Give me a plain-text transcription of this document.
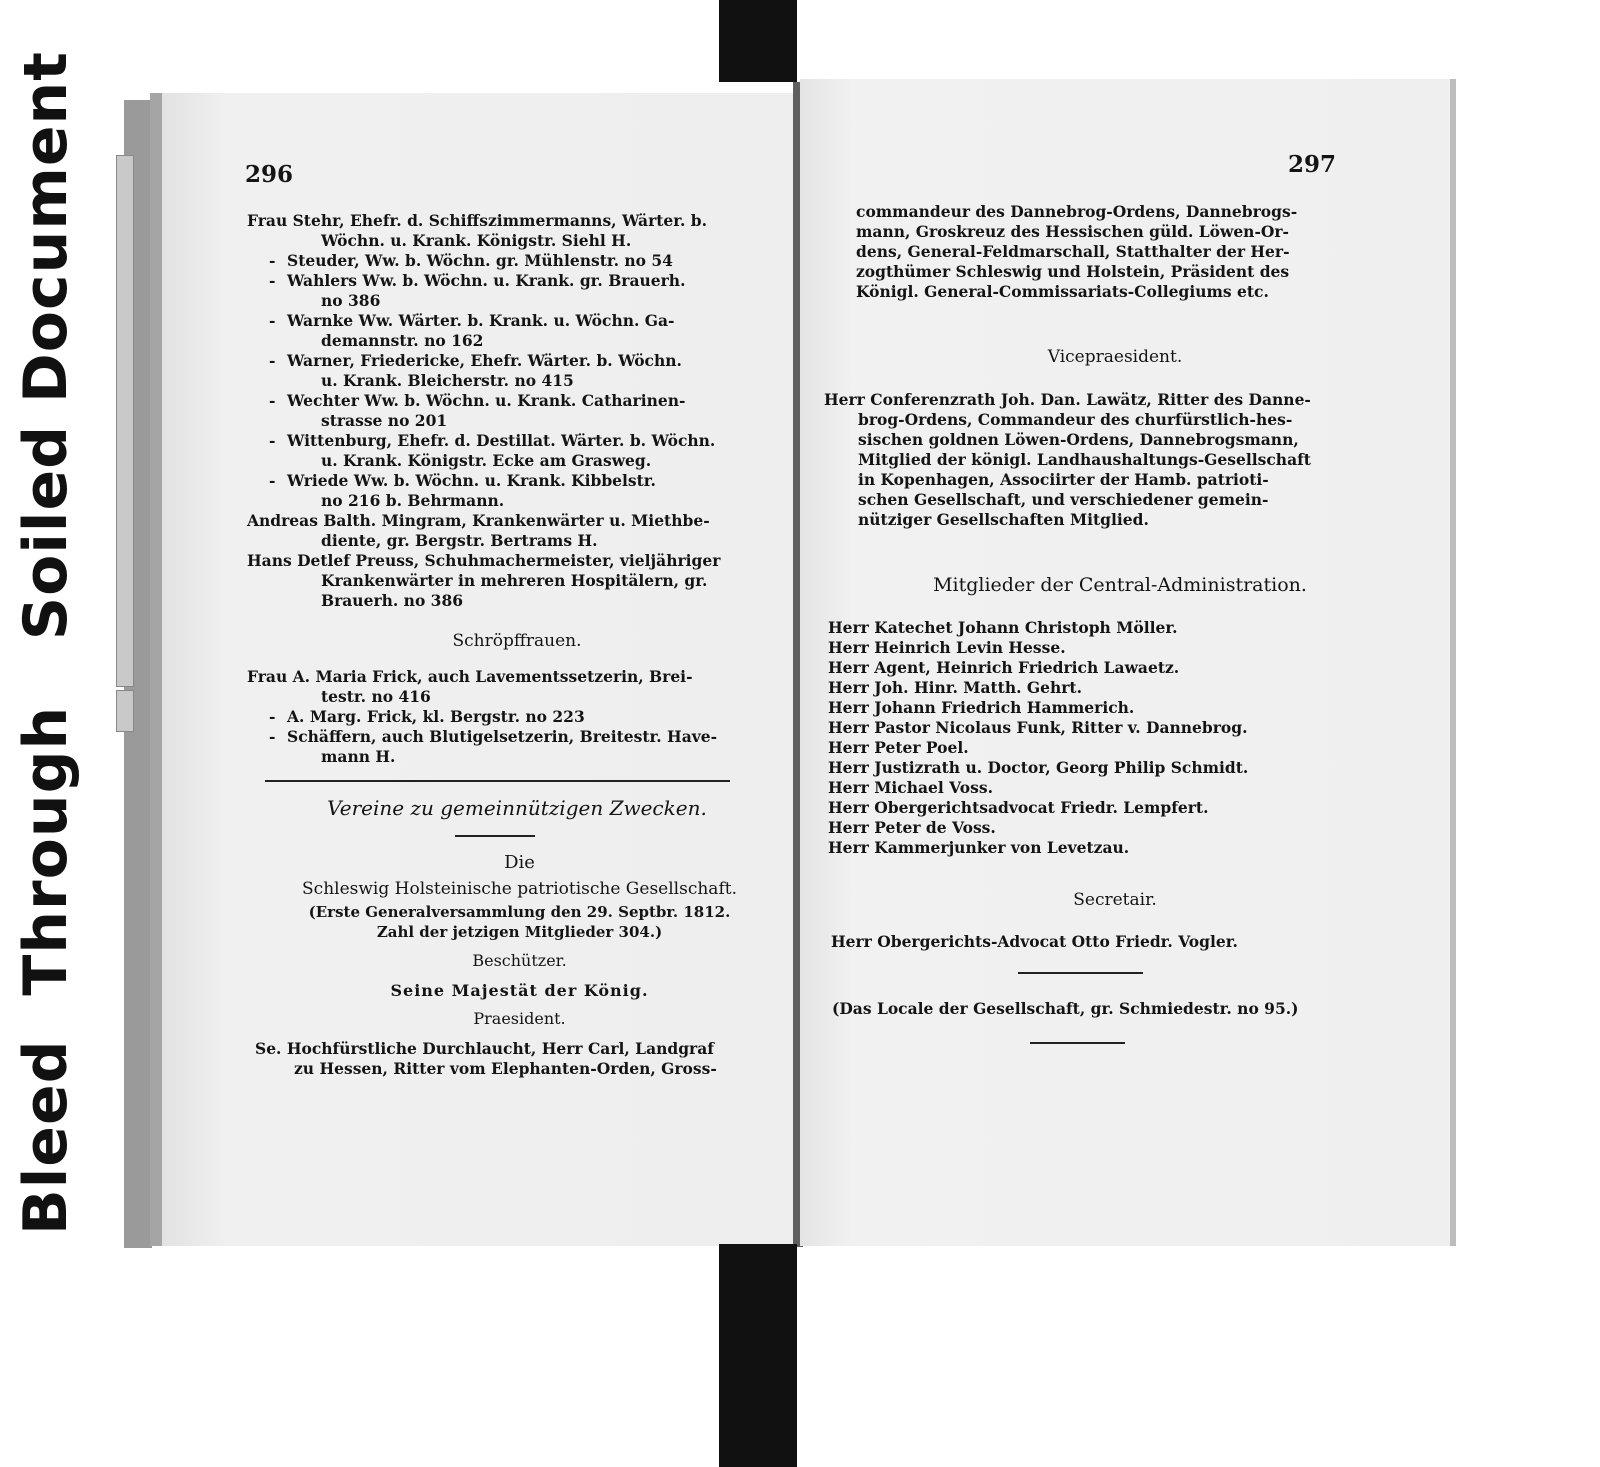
Bleed  Through   Soiled Document	296
Frau Stehr, Ehefr. d. Schiffszimmermanns, Wärter. b.
Wöchn. u. Krank. Königstr. Siehl H.
- Steuder, Ww. b. Wöchn. gr. Mühlenstr. no 54
- Wahlers Ww. b. Wöchn. u. Krank. gr. Brauerh.
no 386
- Warnke Ww. Wärter. b. Krank. u. Wöchn. Ga-
demannstr. no 162
- Warner, Friedericke, Ehefr. Wärter. b. Wöchn.
u. Krank. Bleicherstr. no 415
- Wechter Ww. b. Wöchn. u. Krank. Catharinen-
strasse no 201
- Wittenburg, Ehefr. d. Destillat. Wärter. b. Wöchn.
u. Krank. Königstr. Ecke am Grasweg.
- Wriede Ww. b. Wöchn. u. Krank. Kibbelstr.
no 216 b. Behrmann.
Andreas Balth. Mingram, Krankenwärter u. Miethbe-
diente, gr. Bergstr. Bertrams H.
Hans Detlef Preuss, Schuhmachermeister, vieljähriger
Krankenwärter in mehreren Hospitälern, gr.
Brauerh. no 386
Schröpffrauen.
Frau A. Maria Frick, auch Lavementssetzerin, Brei-
testr. no 416
- A. Marg. Frick, kl. Bergstr. no 223
- Schäffern, auch Blutigelsetzerin, Breitestr. Have-
mann H.
Vereine zu gemeinnützigen Zwecken.
Die
Schleswig Holsteinische patriotische Gesellschaft.
(Erste Generalversammlung den 29. Septbr. 1812.
Zahl der jetzigen Mitglieder 304.)
Beschützer.
Seine Majestät der König.
Praesident.
Se. Hochfürstliche Durchlaucht, Herr Carl, Landgraf
zu Hessen, Ritter vom Elephanten-Orden, Gross-
297
commandeur des Dannebrog-Ordens, Dannebrogs-
mann, Groskreuz des Hessischen güld. Löwen-Or-
dens, General-Feldmarschall, Statthalter der Her-
zogthümer Schleswig und Holstein, Präsident des
Königl. General-Commissariats-Collegiums etc.
Vicepraesident.
Herr Conferenzrath Joh. Dan. Lawätz, Ritter des Danne-
brog-Ordens, Commandeur des churfürstlich-hes-
sischen goldnen Löwen-Ordens, Dannebrogsmann,
Mitglied der königl. Landhaushaltungs-Gesellschaft
in Kopenhagen, Associirter der Hamb. patrioti-
schen Gesellschaft, und verschiedener gemein-
nütziger Gesellschaften Mitglied.
Mitglieder der Central-Administration.
Herr Katechet Johann Christoph Möller.
Herr Heinrich Levin Hesse.
Herr Agent, Heinrich Friedrich Lawaetz.
Herr Joh. Hinr. Matth. Gehrt.
Herr Johann Friedrich Hammerich.
Herr Pastor Nicolaus Funk, Ritter v. Dannebrog.
Herr Peter Poel.
Herr Justizrath u. Doctor, Georg Philip Schmidt.
Herr Michael Voss.
Herr Obergerichtsadvocat Friedr. Lempfert.
Herr Peter de Voss.
Herr Kammerjunker von Levetzau.
Secretair.
Herr Obergerichts-Advocat Otto Friedr. Vogler.
(Das Locale der Gesellschaft, gr. Schmiedestr. no 95.)
